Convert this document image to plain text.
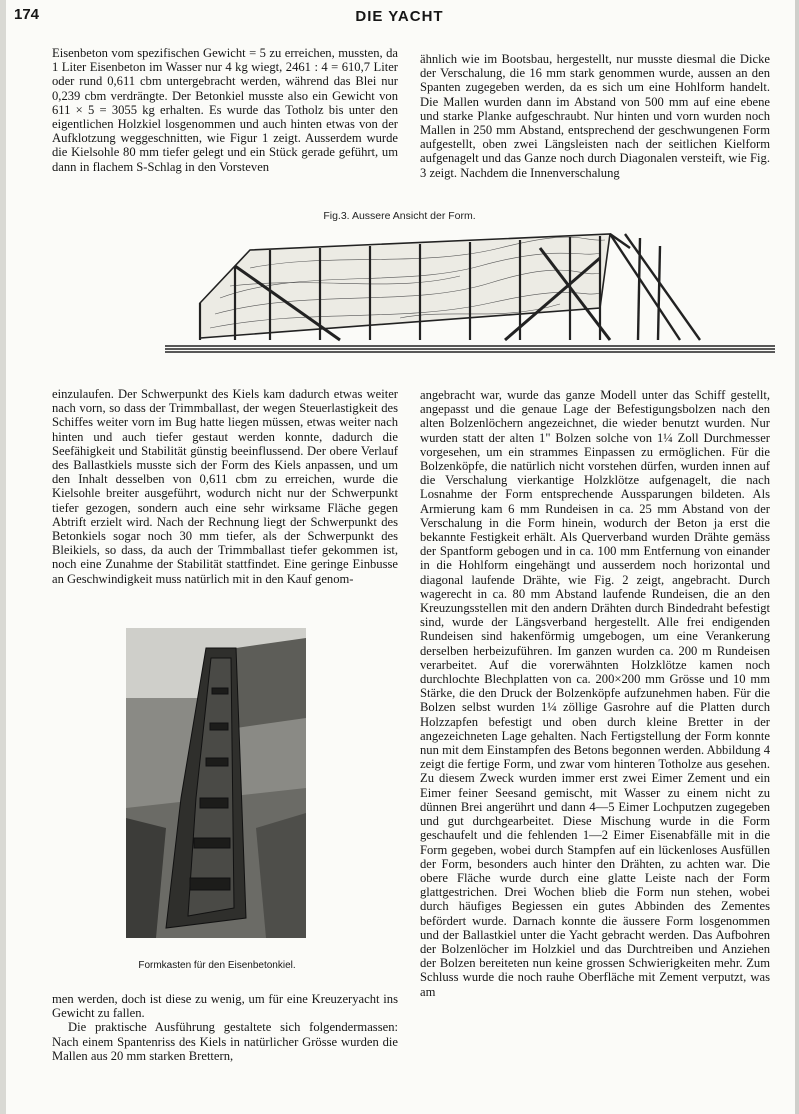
174	DIE YACHT

Eisenbeton vom spezifischen Gewicht = 5 zu erreichen, mussten, da 1 Liter Eisenbeton im Wasser nur 4 kg wiegt, 2461 : 4 = 610,7 Liter oder rund 0,611 cbm untergebracht werden, während das Blei nur 0,239 cbm verdrängte. Der Betonkiel musste also ein Gewicht von 611 × 5 = 3055 kg erhalten. Es wurde das Totholz bis unter den eigentlichen Holzkiel losgenommen und auch hinten etwas von der Aufklotzung weggeschnitten, wie Figur 1 zeigt. Ausserdem wurde die Kielsohle 80 mm tiefer gelegt und ein Stück gerade geführt, um dann in flachem S-Schlag in den Vorsteven

ähnlich wie im Bootsbau, hergestellt, nur musste diesmal die Dicke der Verschalung, die 16 mm stark genommen wurde, aussen an den Spanten zugegeben werden, da es sich um eine Hohlform handelt. Die Mallen wurden dann im Abstand von 500 mm auf eine ebene und starke Planke aufgeschraubt. Nur hinten und vorn wurden noch Mallen in 250 mm Abstand, entsprechend der geschwungenen Form aufgestellt, oben zwei Längsleisten nach der seitlichen Kielform aufgenagelt und das Ganze noch durch Diagonalen versteift, wie Fig. 3 zeigt. Nachdem die Innenverschalung

Fig.3. Aussere Ansicht der Form.

einzulaufen. Der Schwerpunkt des Kiels kam dadurch etwas weiter nach vorn, so dass der Trimmballast, der wegen Steuerlastigkeit des Schiffes weiter vorn im Bug hatte liegen müssen, etwas weiter nach hinten und auch tiefer gestaut werden konnte, dadurch die Seefähigkeit und Stabilität günstig beeinflussend. Der obere Verlauf des Ballastkiels musste sich der Form des Kiels anpassen, und um den Inhalt desselben von 0,611 cbm zu erreichen, wurde die Kielsohle breiter ausgeführt, wodurch nicht nur der Schwerpunkt tiefer gezogen, sondern auch eine sehr wirksame Fläche gegen Abtrift erzielt wird. Nach der Rechnung liegt der Schwerpunkt des Betonkiels sogar noch 30 mm tiefer, als der Schwerpunkt des Bleikiels, so dass, da auch der Trimmballast tiefer gekommen ist, noch eine Zunahme der Stabilität stattfindet. Eine geringe Einbusse an Geschwindigkeit muss natürlich mit in den Kauf genom-

Formkasten für den Eisenbetonkiel.

men werden, doch ist diese zu wenig, um für eine Kreuzeryacht ins Gewicht zu fallen.

Die praktische Ausführung gestaltete sich folgendermassen: Nach einem Spantenriss des Kiels in natürlicher Grösse wurden die Mallen aus 20 mm starken Brettern,

angebracht war, wurde das ganze Modell unter das Schiff gestellt, angepasst und die genaue Lage der Befestigungsbolzen nach den alten Bolzenlöchern angezeichnet, die wieder benutzt wurden. Nur wurden statt der alten 1" Bolzen solche von 1¼ Zoll Durchmesser vorgesehen, um ein strammes Einpassen zu ermöglichen. Für die Bolzenköpfe, die natürlich nicht vorstehen dürfen, wurden innen auf die Verschalung vierkantige Holzklötze aufgenagelt, die nach Losnahme der Form entsprechende Aussparungen bildeten. Als Armierung kam 6 mm Rundeisen in ca. 25 mm Abstand von der Verschalung in die Form hinein, wodurch der Beton ja erst die bekannte Festigkeit erhält. Als Querverband wurden Drähte gemäss der Spantform gebogen und in ca. 100 mm Entfernung von einander in die Hohlform eingehängt und ausserdem noch horizontal und diagonal laufende Drähte, wie Fig. 2 zeigt, angebracht. Durch wagerecht in ca. 80 mm Abstand laufende Rundeisen, die an den Kreuzungsstellen mit den andern Drähten durch Bindedraht befestigt sind, wurde der Längsverband hergestellt. Alle frei endigenden Rundeisen sind hakenförmig umgebogen, um eine Verankerung derselben herbeizuführen. Im ganzen wurden ca. 200 m Rundeisen verarbeitet. Auf die vorerwähnten Holzklötze kamen noch durchlochte Blechplatten von ca. 200×200 mm Grösse und 10 mm Stärke, die den Druck der Bolzenköpfe aufzunehmen haben. Für die Bolzen selbst wurden 1¼ zöllige Gasrohre auf die Platten durch Holzzapfen befestigt und oben durch kleine Bretter in der angezeichneten Lage gehalten. Nach Fertigstellung der Form konnte nun mit dem Einstampfen des Betons begonnen werden. Abbildung 4 zeigt die fertige Form, und zwar vom hinteren Totholze aus gesehen. Zu diesem Zweck wurden immer erst zwei Eimer Zement und ein Eimer feiner Seesand gemischt, mit Wasser zu einem nicht zu dünnen Brei angerührt und dann 4—5 Eimer Lochputzen zugegeben und gut durchgearbeitet. Diese Mischung wurde in die Form geschaufelt und die fehlenden 1—2 Eimer Eisenabfälle mit in die Form gegeben, wobei durch Stampfen auf ein lückenloses Ausfüllen der Form, besonders auch hinter den Drähten, zu achten war. Die obere Fläche wurde durch eine glatte Leiste nach der Form glattgestrichen. Drei Wochen blieb die Form nun stehen, wobei durch häufiges Begiessen ein gutes Abbinden des Zementes befördert wurde. Darnach konnte die äussere Form losgenommen und der Ballastkiel unter die Yacht gebracht werden. Das Aufbohren der Bolzenlöcher im Holzkiel und das Durchtreiben und Anziehen der Bolzen bereiteten nun keine grossen Schwierigkeiten mehr. Zum Schluss wurde die noch rauhe Oberfläche mit Zement verputzt, was am
